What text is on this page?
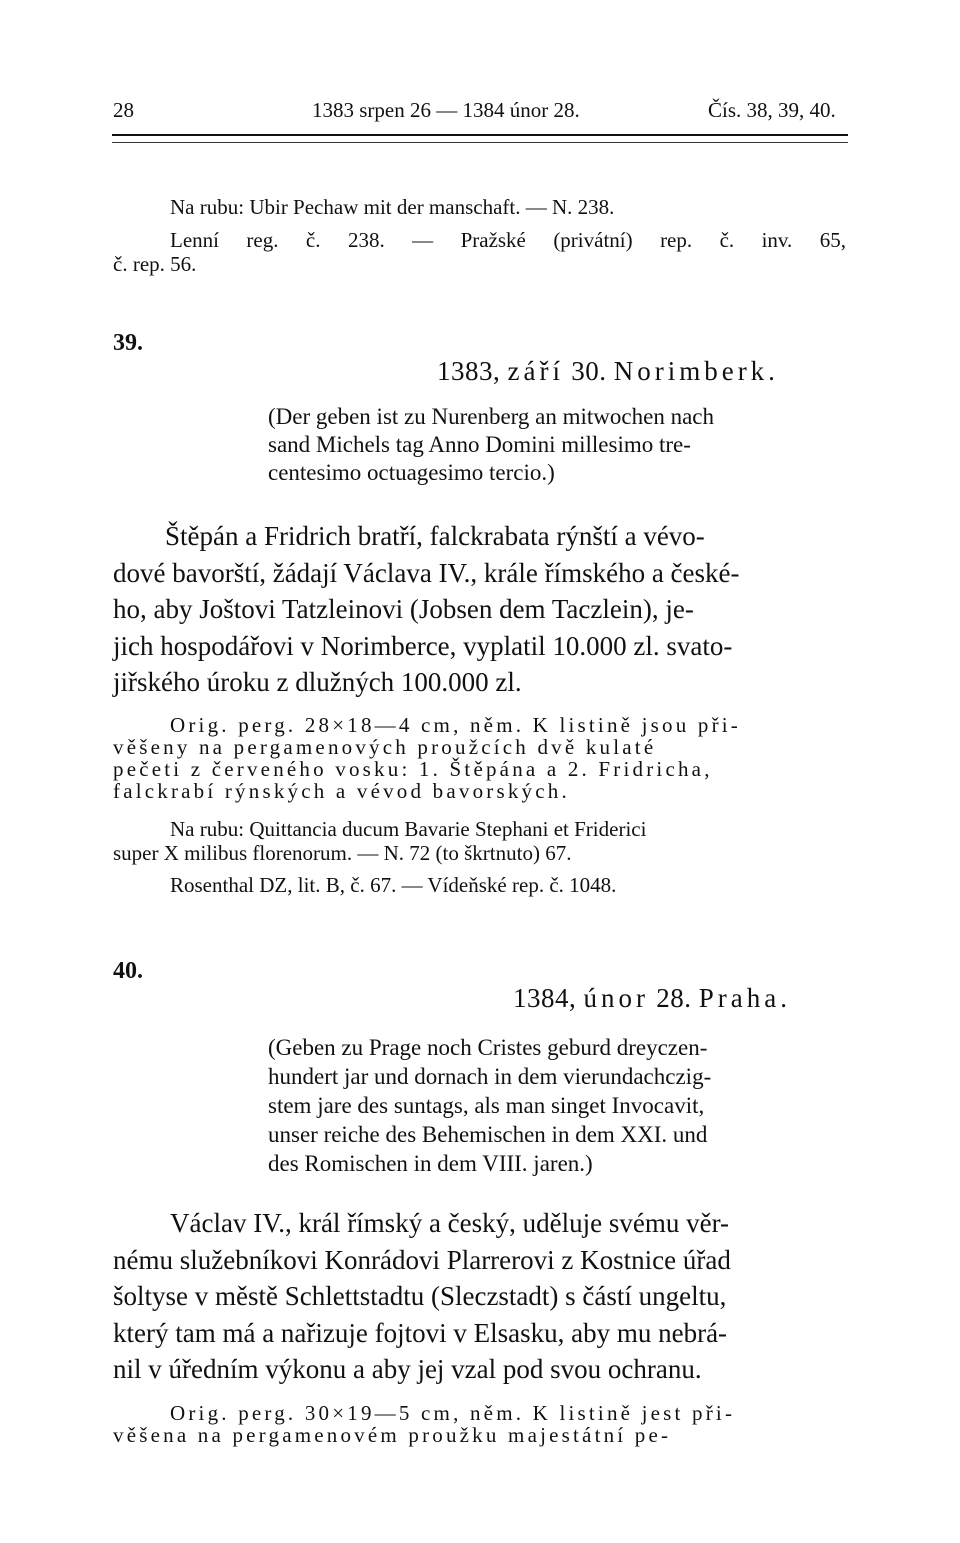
28	1383 srpen 26 — 1384 únor 28.	Čís. 38, 39, 40.
Na rubu: Ubir Pechaw mit der manschaft. — N. 238.
Lenní reg. č. 238. — Pražské (privátní) rep. č. inv. 65,
č. rep. 56.
39.
1383, září 30. Norimberk.
(Der geben ist zu Nurenberg an mitwochen nach
sand Michels tag Anno Domini millesimo tre-
centesimo octuagesimo tercio.)
Štěpán a Fridrich bratří, falckrabata rýnští a vévo-
dové bavorští, žádají Václava IV., krále římského a české-
ho, aby Joštovi Tatzleinovi (Jobsen dem Taczlein), je-
jich hospodářovi v Norimberce, vyplatil 10.000 zl. svato-
jiřského úroku z dlužných 100.000 zl.
Orig. perg. 28×18—4 cm, něm. K listině jsou při-
věšeny na pergamenových proužcích dvě kulaté
pečeti z červeného vosku: 1. Štěpána a 2. Fridricha,
falckrabí rýnských a vévod bavorských.
Na rubu: Quittancia ducum Bavarie Stephani et Friderici
super X milibus florenorum. — N. 72 (to škrtnuto) 67.
Rosenthal DZ, lit. B, č. 67. — Vídeňské rep. č. 1048.
40.
1384, únor 28. Praha.
(Geben zu Prage noch Cristes geburd dreyczen-
hundert jar und dornach in dem vierundachczig-
stem jare des suntags, als man singet Invocavit,
unser reiche des Behemischen in dem XXI. und
des Romischen in dem VIII. jaren.)
Václav IV., král římský a český, uděluje svému věr-
nému služebníkovi Konrádovi Plarrerovi z Kostnice úřad
šoltyse v městě Schlettstadtu (Sleczstadt) s částí ungeltu,
který tam má a nařizuje fojtovi v Elsasku, aby mu nebrá-
nil v úředním výkonu a aby jej vzal pod svou ochranu.
Orig. perg. 30×19—5 cm, něm. K listině jest při-
věšena na pergamenovém proužku majestátní pe-
